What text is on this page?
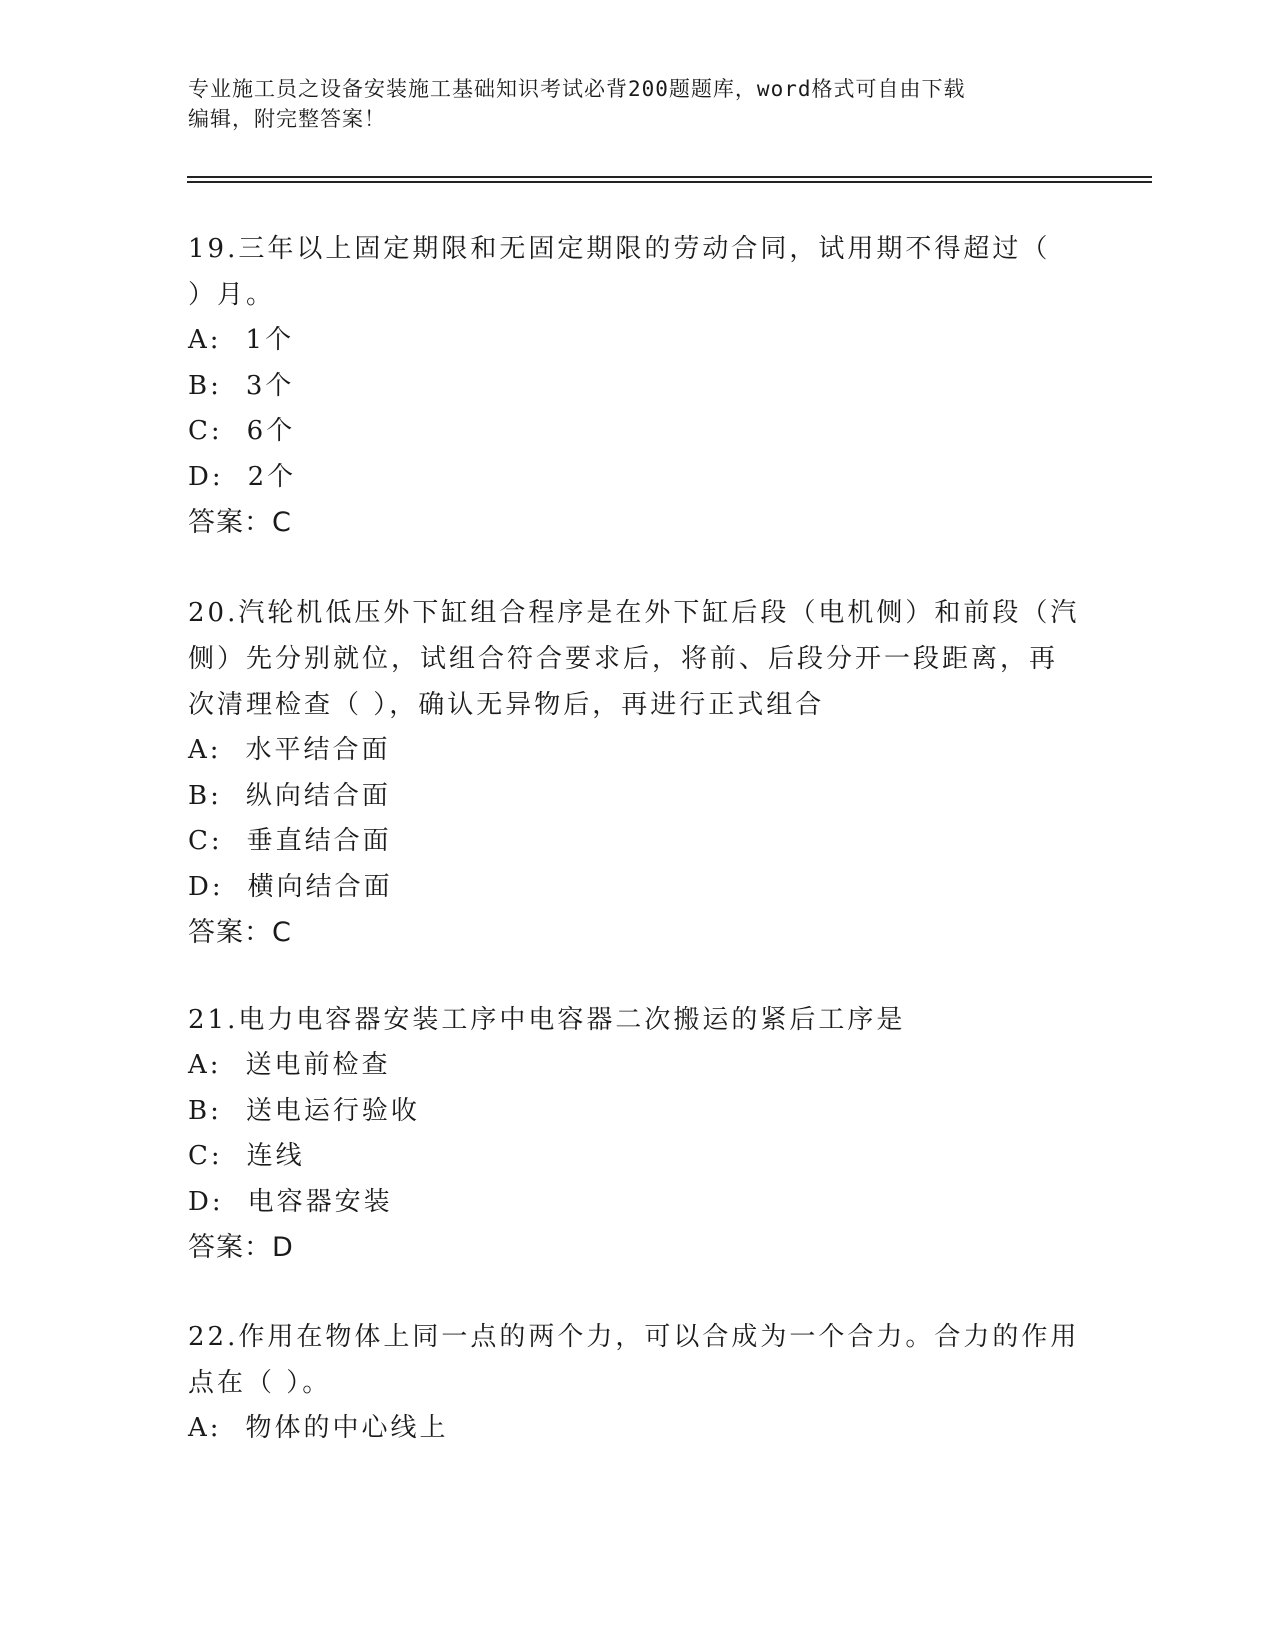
专业施工员之设备安装施工基础知识考试必背200题题库，word格式可自由下载
编辑，附完整答案！
19.三年以上固定期限和无固定期限的劳动合同，试用期不得超过（
）月。
A: 1个
B: 3个
C: 6个
D: 2个
答案：C
20.汽轮机低压外下缸组合程序是在外下缸后段（电机侧）和前段（汽
侧）先分别就位，试组合符合要求后，将前、后段分开一段距离，再
次清理检查（ ），确认无异物后，再进行正式组合
A: 水平结合面
B: 纵向结合面
C: 垂直结合面
D: 横向结合面
答案：C
21.电力电容器安装工序中电容器二次搬运的紧后工序是
A: 送电前检查
B: 送电运行验收
C: 连线
D: 电容器安装
答案：D
22.作用在物体上同一点的两个力，可以合成为一个合力。合力的作用
点在（ ）。
A: 物体的中心线上
